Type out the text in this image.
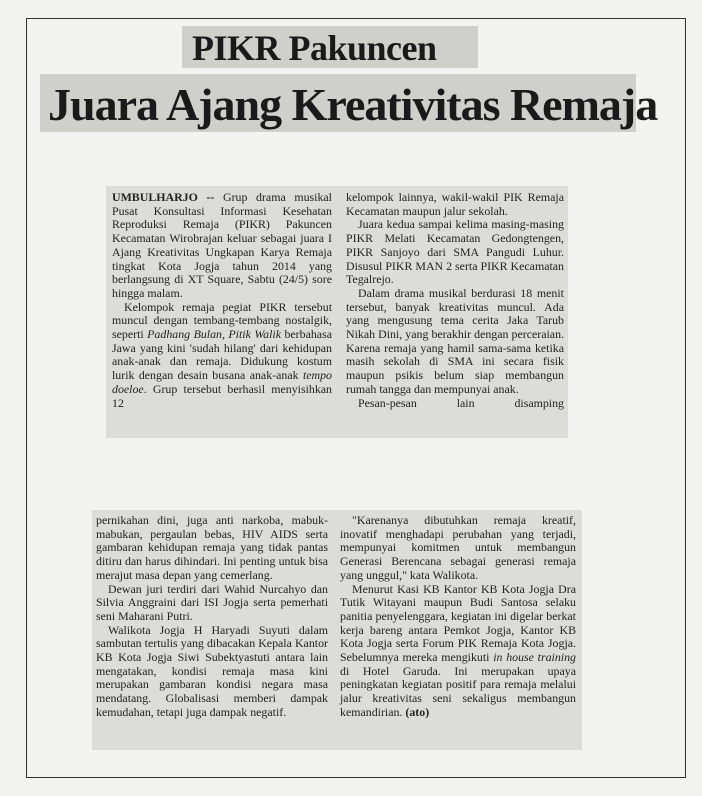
PIKR Pakuncen
Juara Ajang Kreativitas Remaja

UMBULHARJO -- Grup drama musikal Pusat Konsultasi Informasi Kesehatan Reproduksi Remaja (PIKR) Pakuncen Kecamatan Wirobrajan keluar sebagai juara I Ajang Kreativitas Ungkapan Karya Remaja tingkat Kota Jogja tahun 2014 yang berlangsung di XT Square, Sabtu (24/5) sore hingga malam.

Kelompok remaja pegiat PIKR tersebut muncul dengan tembang-tembang nostalgik, seperti Padhang Bulan, Pitik Walik berbahasa Jawa yang kini 'sudah hilang' dari kehidupan anak-anak dan remaja. Didukung kostum lurik dengan desain busana anak-anak tempo doeloe. Grup tersebut berhasil menyisihkan 12

kelompok lainnya, wakil-wakil PIK Remaja Kecamatan maupun jalur sekolah.

Juara kedua sampai kelima masing-masing PIKR Melati Kecamatan Gedongtengen, PIKR Sanjoyo dari SMA Pangudi Luhur. Disusul PIKR MAN 2 serta PIKR Kecamatan Tegalrejo.

Dalam drama musikal berdurasi 18 menit tersebut, banyak kreativitas muncul. Ada yang mengusung tema cerita Jaka Tarub Nikah Dini, yang berakhir dengan perceraian. Karena remaja yang hamil sama-sama ketika masih sekolah di SMA ini secara fisik maupun psikis belum siap membangun rumah tangga dan mempunyai anak.

Pesan-pesan lain disamping

pernikahan dini, juga anti narkoba, mabuk-mabukan, pergaulan bebas, HIV AIDS serta gambaran kehidupan remaja yang tidak pantas ditiru dan harus dihindari. Ini penting untuk bisa merajut masa depan yang cemerlang.

Dewan juri terdiri dari Wahid Nurcahyo dan Silvia Anggraini dari ISI Jogja serta pemerhati seni Maharani Putri.

Walikota Jogja H Haryadi Suyuti dalam sambutan tertulis yang dibacakan Kepala Kantor KB Kota Jogja Siwi Subektyastuti antara lain mengatakan, kondisi remaja masa kini merupakan gambaran kondisi negara masa mendatang. Globalisasi memberi dampak kemudahan, tetapi juga dampak negatif.

"Karenanya dibutuhkan remaja kreatif, inovatif menghadapi perubahan yang terjadi, mempunyai komitmen untuk membangun Generasi Berencana sebagai generasi remaja yang unggul," kata Walikota.

Menurut Kasi KB Kantor KB Kota Jogja Dra Tutik Witayani maupun Budi Santosa selaku panitia penyelenggara, kegiatan ini digelar berkat kerja bareng antara Pemkot Jogja, Kantor KB Kota Jogja serta Forum PIK Remaja Kota Jogja. Sebelumnya mereka mengikuti in house training di Hotel Garuda. Ini merupakan upaya peningkatan kegiatan positif para remaja melalui jalur kreativitas seni sekaligus membangun kemandirian. (ato)
